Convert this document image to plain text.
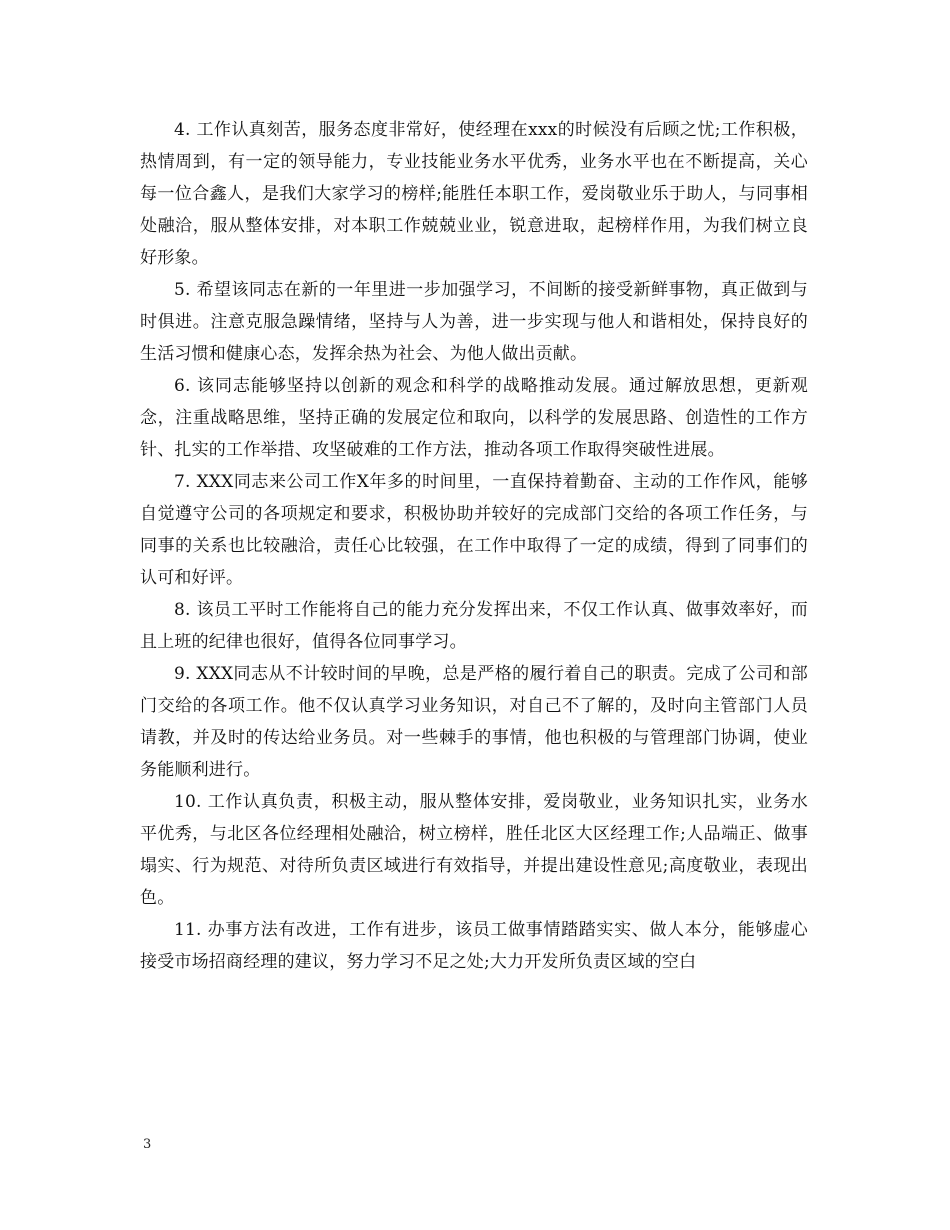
4. 工作认真刻苦，服务态度非常好，使经理在xxx的时候没有后顾之忧;工作积极，热情周到，有一定的领导能力，专业技能业务水平优秀，业务水平也在不断提高，关心每一位合鑫人，是我们大家学习的榜样;能胜任本职工作，爱岗敬业乐于助人，与同事相处融洽，服从整体安排，对本职工作兢兢业业，锐意进取，起榜样作用，为我们树立良好形象。

5. 希望该同志在新的一年里进一步加强学习，不间断的接受新鲜事物，真正做到与时俱进。注意克服急躁情绪，坚持与人为善，进一步实现与他人和谐相处，保持良好的生活习惯和健康心态，发挥余热为社会、为他人做出贡献。

6. 该同志能够坚持以创新的观念和科学的战略推动发展。通过解放思想，更新观念，注重战略思维，坚持正确的发展定位和取向，以科学的发展思路、创造性的工作方针、扎实的工作举措、攻坚破难的工作方法，推动各项工作取得突破性进展。

7. XXX同志来公司工作X年多的时间里，一直保持着勤奋、主动的工作作风，能够自觉遵守公司的各项规定和要求，积极协助并较好的完成部门交给的各项工作任务，与同事的关系也比较融洽，责任心比较强，在工作中取得了一定的成绩，得到了同事们的认可和好评。

8. 该员工平时工作能将自己的能力充分发挥出来，不仅工作认真、做事效率好，而且上班的纪律也很好，值得各位同事学习。

9. XXX同志从不计较时间的早晚，总是严格的履行着自己的职责。完成了公司和部门交给的各项工作。他不仅认真学习业务知识，对自己不了解的，及时向主管部门人员请教，并及时的传达给业务员。对一些棘手的事情，他也积极的与管理部门协调，使业务能顺利进行。

10. 工作认真负责，积极主动，服从整体安排，爱岗敬业，业务知识扎实，业务水平优秀，与北区各位经理相处融洽，树立榜样，胜任北区大区经理工作;人品端正、做事塌实、行为规范、对待所负责区域进行有效指导，并提出建设性意见;高度敬业，表现出色。

11. 办事方法有改进，工作有进步，该员工做事情踏踏实实、做人本分，能够虚心接受市场招商经理的建议，努力学习不足之处;大力开发所负责区域的空白

3
